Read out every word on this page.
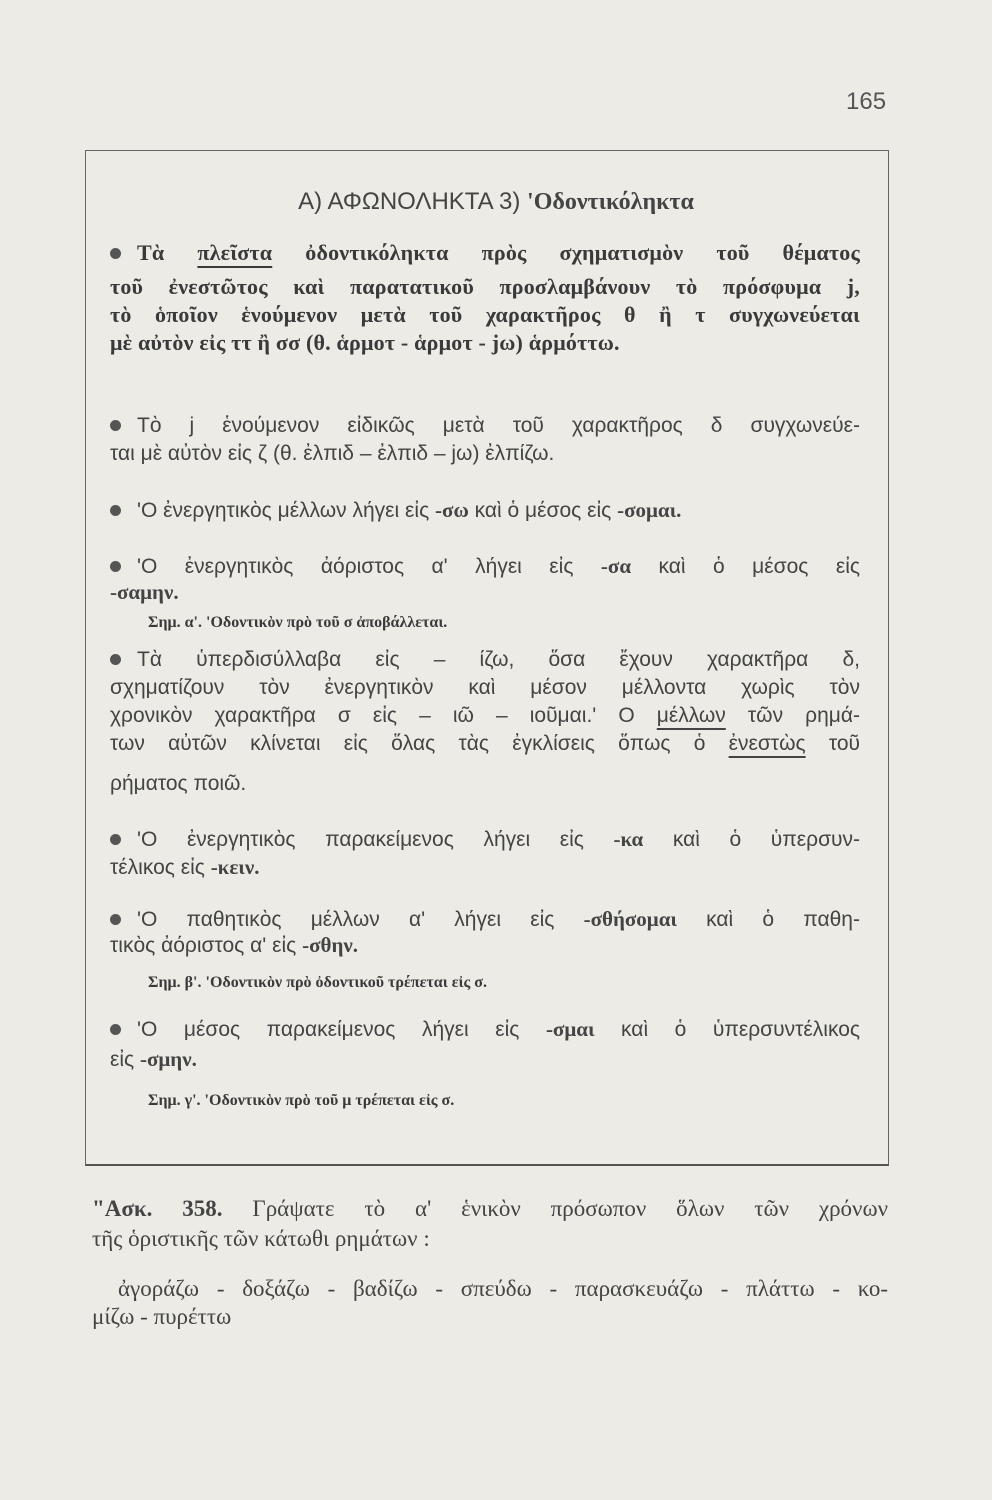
165
Α) ΑΦΩΝΟΛΗΚΤΑ 3) 'Οδοντικόληκτα
Τὰ πλεῖστα ὀδοντικόληκτα πρὸς σχηματισμὸν τοῦ θέματος
τοῦ ἐνεστῶτος καὶ παρατατικοῦ προσλαμβάνουν τὸ πρόσφυμα j,
τὸ ὁποῖον ἑνούμενον μετὰ τοῦ χαρακτῆρος θ ἢ τ συγχωνεύεται
μὲ αὐτὸν εἰς ττ ἢ σσ (θ. ἁρμοτ - ἁρμοτ - jω) ἁρμόττω.
Τὸ j ἑνούμενον εἰδικῶς μετὰ τοῦ χαρακτῆρος δ συγχωνεύε-
ται μὲ αὐτὸν εἰς ζ (θ. ἐλπιδ – ἐλπιδ – jω) ἐλπίζω.
'Ο ἐνεργητικὸς μέλλων λήγει εἰς -σω καὶ ὁ μέσος εἰς -σομαι.
'Ο ἐνεργητικὸς ἀόριστος α' λήγει εἰς -σα καὶ ὁ μέσος εἰς
-σαμην.
Σημ. α'. 'Οδοντικὸν πρὸ τοῦ σ ἀποβάλλεται.
Τὰ ὑπερδισύλλαβα εἰς – ίζω, ὅσα ἔχουν χαρακτῆρα δ,
σχηματίζουν τὸν ἐνεργητικὸν καὶ μέσον μέλλοντα χωρὶς τὸν
χρονικὸν χαρακτῆρα σ εἰς – ιῶ – ιοῦμαι.' Ο μέλλων τῶν ρημά-
των αὐτῶν κλίνεται εἰς ὅλας τὰς ἐγκλίσεις ὅπως ὁ ἐνεστὼς τοῦ
ρήματος ποιῶ.
'Ο ἐνεργητικὸς παρακείμενος λήγει εἰς -κα καὶ ὁ ὑπερσυν-
τέλικος εἰς -κειν.
'Ο παθητικὸς μέλλων α' λήγει εἰς -σθήσομαι καὶ ὁ παθη-
τικὸς ἀόριστος α' εἰς -σθην.
Σημ. β'. 'Οδοντικὸν πρὸ ὀδοντικοῦ τρέπεται εἰς σ.
'Ο μέσος παρακείμενος λήγει εἰς -σμαι καὶ ὁ ὑπερσυντέλικος
εἰς -σμην.
Σημ. γ'. 'Οδοντικὸν πρὸ τοῦ μ τρέπεται εἰς σ.
"Ασκ. 358. Γράψατε τὸ α' ἑνικὸν πρόσωπον ὅλων τῶν χρόνων
τῆς ὁριστικῆς τῶν κάτωθι ρημάτων :
ἀγοράζω - δοξάζω - βαδίζω - σπεύδω - παρασκευάζω - πλάττω - κο-
μίζω - πυρέττω
